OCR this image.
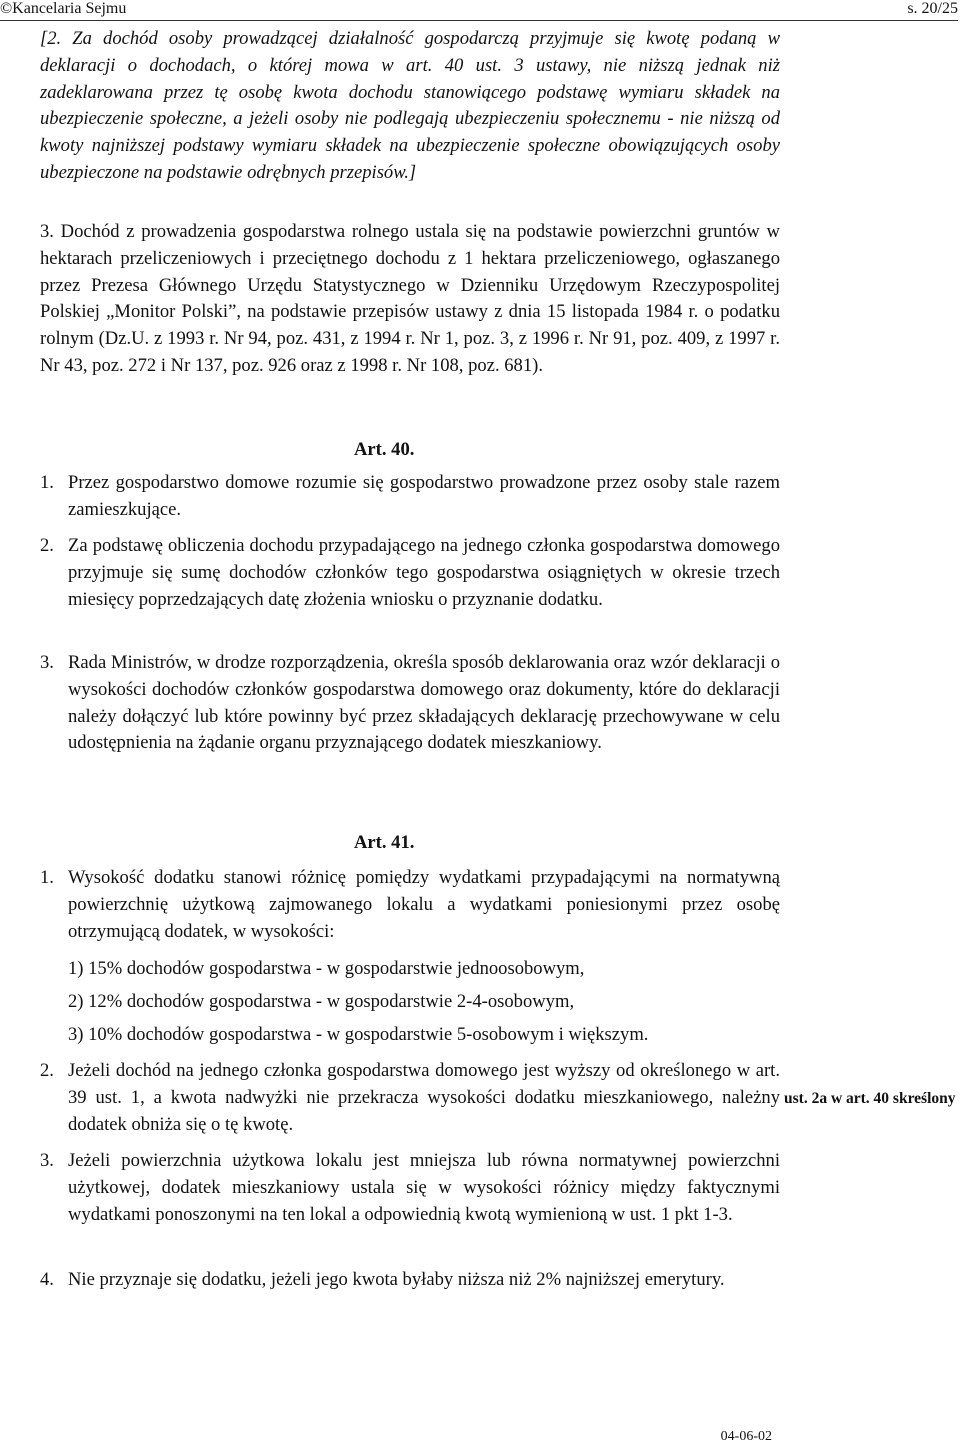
©Kancelaria Sejmu	s. 20/25

[2. Za dochód osoby prowadzącej działalność gospodarczą przyjmuje się kwotę podaną w deklaracji o dochodach, o której mowa w art. 40 ust. 3 ustawy, nie niższą jednak niż zadeklarowana przez tę osobę kwota dochodu stanowiącego podstawę wymiaru składek na ubezpieczenie społeczne, a jeżeli osoby nie podlegają ubezpieczeniu społecznemu - nie niższą od kwoty najniższej podstawy wymiaru składek na ubezpieczenie społeczne obowiązujących osoby ubezpieczone na podstawie odrębnych przepisów.]

3. Dochód z prowadzenia gospodarstwa rolnego ustala się na podstawie powierzchni gruntów w hektarach przeliczeniowych i przeciętnego dochodu z 1 hektara przeliczeniowego, ogłaszanego przez Prezesa Głównego Urzędu Statystycznego w Dzienniku Urzędowym Rzeczypospolitej Polskiej „Monitor Polski”, na podstawie przepisów ustawy z dnia 15 listopada 1984 r. o podatku rolnym (Dz.U. z 1993 r. Nr 94, poz. 431, z 1994 r. Nr 1, poz. 3, z 1996 r. Nr 91, poz. 409, z 1997 r. Nr 43, poz. 272 i Nr 137, poz. 926 oraz z 1998 r. Nr 108, poz. 681).

Art. 40.
1. Przez gospodarstwo domowe rozumie się gospodarstwo prowadzone przez osoby stale razem zamieszkujące.

2. Za podstawę obliczenia dochodu przypadającego na jednego członka gospodarstwa domowego przyjmuje się sumę dochodów członków tego gospodarstwa osiągniętych w okresie trzech miesięcy poprzedzających datę złożenia wniosku o przyznanie dodatku.

3. Rada Ministrów, w drodze rozporządzenia, określa sposób deklarowania oraz wzór deklaracji o wysokości dochodów członków gospodarstwa domowego oraz dokumenty, które do deklaracji należy dołączyć lub które powinny być przez składających deklarację przechowywane w celu udostępnienia na żądanie organu przyznającego dodatek mieszkaniowy.

Art. 41.
1. Wysokość dodatku stanowi różnicę pomiędzy wydatkami przypadającymi na normatywną powierzchnię użytkową zajmowanego lokalu a wydatkami poniesionymi przez osobę otrzymującą dodatek, w wysokości:

1) 15% dochodów gospodarstwa - w gospodarstwie jednoosobowym,

2) 12% dochodów gospodarstwa - w gospodarstwie 2-4-osobowym,

3) 10% dochodów gospodarstwa - w gospodarstwie 5-osobowym i większym.

2. Jeżeli dochód na jednego członka gospodarstwa domowego jest wyższy od określonego w art. 39 ust. 1, a kwota nadwyżki nie przekracza wysokości dodatku mieszkaniowego, należny dodatek obniża się o tę kwotę.

3. Jeżeli powierzchnia użytkowa lokalu jest mniejsza lub równa normatywnej powierzchni użytkowej, dodatek mieszkaniowy ustala się w wysokości różnicy między faktycznymi wydatkami ponoszonymi na ten lokal a odpowiednią kwotą wymienioną w ust. 1 pkt 1-3.

4. Nie przyznaje się dodatku, jeżeli jego kwota byłaby niższa niż 2% najniższej emerytury.

ust. 2a w art. 40 skreślony
04-06-02
